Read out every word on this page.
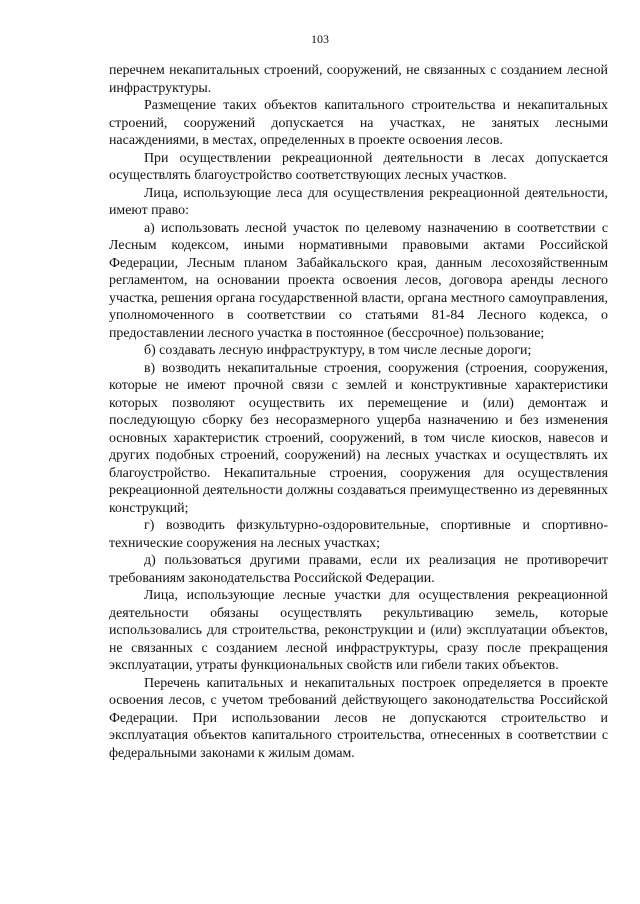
103

перечнем некапитальных строений, сооружений, не связанных с созданием лесной инфраструктуры.

Размещение таких объектов капитального строительства и некапитальных строений, сооружений допускается на участках, не занятых лесными насаждениями, в местах, определенных в проекте освоения лесов.

При осуществлении рекреационной деятельности в лесах допускается осуществлять благоустройство соответствующих лесных участков.

Лица, использующие леса для осуществления рекреационной деятельности, имеют право:

а) использовать лесной участок по целевому назначению в соответствии с Лесным кодексом, иными нормативными правовыми актами Российской Федерации, Лесным планом Забайкальского края, данным лесохозяйственным регламентом, на основании проекта освоения лесов, договора аренды лесного участка, решения органа государственной власти, органа местного самоуправления, уполномоченного в соответствии со статьями 81-84 Лесного кодекса, о предоставлении лесного участка в постоянное (бессрочное) пользование;

б) создавать лесную инфраструктуру, в том числе лесные дороги;

в) возводить некапитальные строения, сооружения (строения, сооружения, которые не имеют прочной связи с землей и конструктивные характеристики которых позволяют осуществить их перемещение и (или) демонтаж и последующую сборку без несоразмерного ущерба назначению и без изменения основных характеристик строений, сооружений, в том числе киосков, навесов и других подобных строений, сооружений) на лесных участках и осуществлять их благоустройство. Некапитальные строения, сооружения для осуществления рекреационной деятельности должны создаваться преимущественно из деревянных конструкций;

г) возводить физкультурно-оздоровительные, спортивные и спортивно-технические сооружения на лесных участках;

д) пользоваться другими правами, если их реализация не противоречит требованиям законодательства Российской Федерации.

Лица, использующие лесные участки для осуществления рекреационной деятельности обязаны осуществлять рекультивацию земель, которые использовались для строительства, реконструкции и (или) эксплуатации объектов, не связанных с созданием лесной инфраструктуры, сразу после прекращения эксплуатации, утраты функциональных свойств или гибели таких объектов.

Перечень капитальных и некапитальных построек определяется в проекте освоения лесов, с учетом требований действующего законодательства Российской Федерации. При использовании лесов не допускаются строительство и эксплуатация объектов капитального строительства, отнесенных в соответствии с федеральными законами к жилым домам.
